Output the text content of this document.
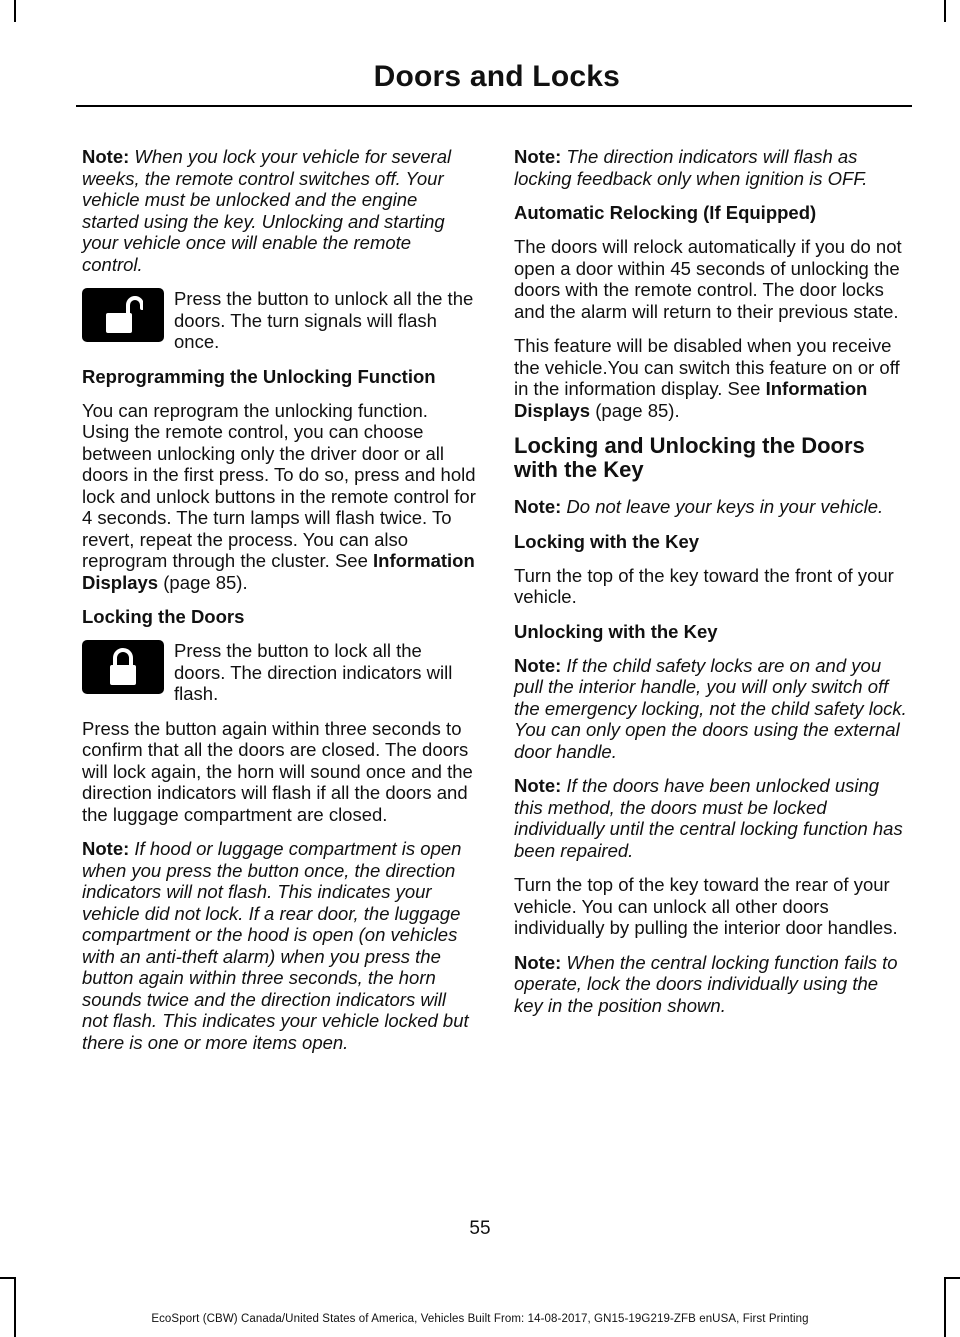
Doors and Locks

Note: When you lock your vehicle for several weeks, the remote control switches off. Your vehicle must be unlocked and the engine started using the key. Unlocking and starting your vehicle once will enable the remote control.

Press the button to unlock all the the doors. The turn signals will flash once.
Reprogramming the Unlocking Function

You can reprogram the unlocking function. Using the remote control, you can choose between unlocking only the driver door or all doors in the first press. To do so, press and hold lock and unlock buttons in the remote control for 4 seconds. The turn lamps will flash twice. To revert, repeat the process. You can also reprogram through the cluster. See Information Displays (page 85).

Locking the Doors
Press the button to lock all the doors. The direction indicators will flash.

Press the button again within three seconds to confirm that all the doors are closed. The doors will lock again, the horn will sound once and the direction indicators will flash if all the doors and the luggage compartment are closed.

Note: If hood or luggage compartment is open when you press the button once, the direction indicators will not flash. This indicates your vehicle did not lock. If a rear door, the luggage compartment or the hood is open (on vehicles with an anti-theft alarm) when you press the button again within three seconds, the horn sounds twice and the direction indicators will not flash. This indicates your vehicle locked but there is one or more items open.

Note: The direction indicators will flash as locking feedback only when ignition is OFF.

Automatic Relocking (If Equipped)

The doors will relock automatically if you do not open a door within 45 seconds of unlocking the doors with the remote control. The door locks and the alarm will return to their previous state.

This feature will be disabled when you receive the vehicle.You can switch this feature on or off in the information display. See Information Displays (page 85).

Locking and Unlocking the Doors with the Key

Note: Do not leave your keys in your vehicle.

Locking with the Key

Turn the top of the key toward the front of your vehicle.

Unlocking with the Key

Note: If the child safety locks are on and you pull the interior handle, you will only switch off the emergency locking, not the child safety lock. You can only open the doors using the external door handle.

Note: If the doors have been unlocked using this method, the doors must be locked individually until the central locking function has been repaired.

Turn the top of the key toward the rear of your vehicle. You can unlock all other doors individually by pulling the interior door handles.

Note: When the central locking function fails to operate, lock the doors individually using the key in the position shown.

55
EcoSport (CBW) Canada/United States of America, Vehicles Built From: 14-08-2017, GN15-19G219-ZFB enUSA, First Printing
